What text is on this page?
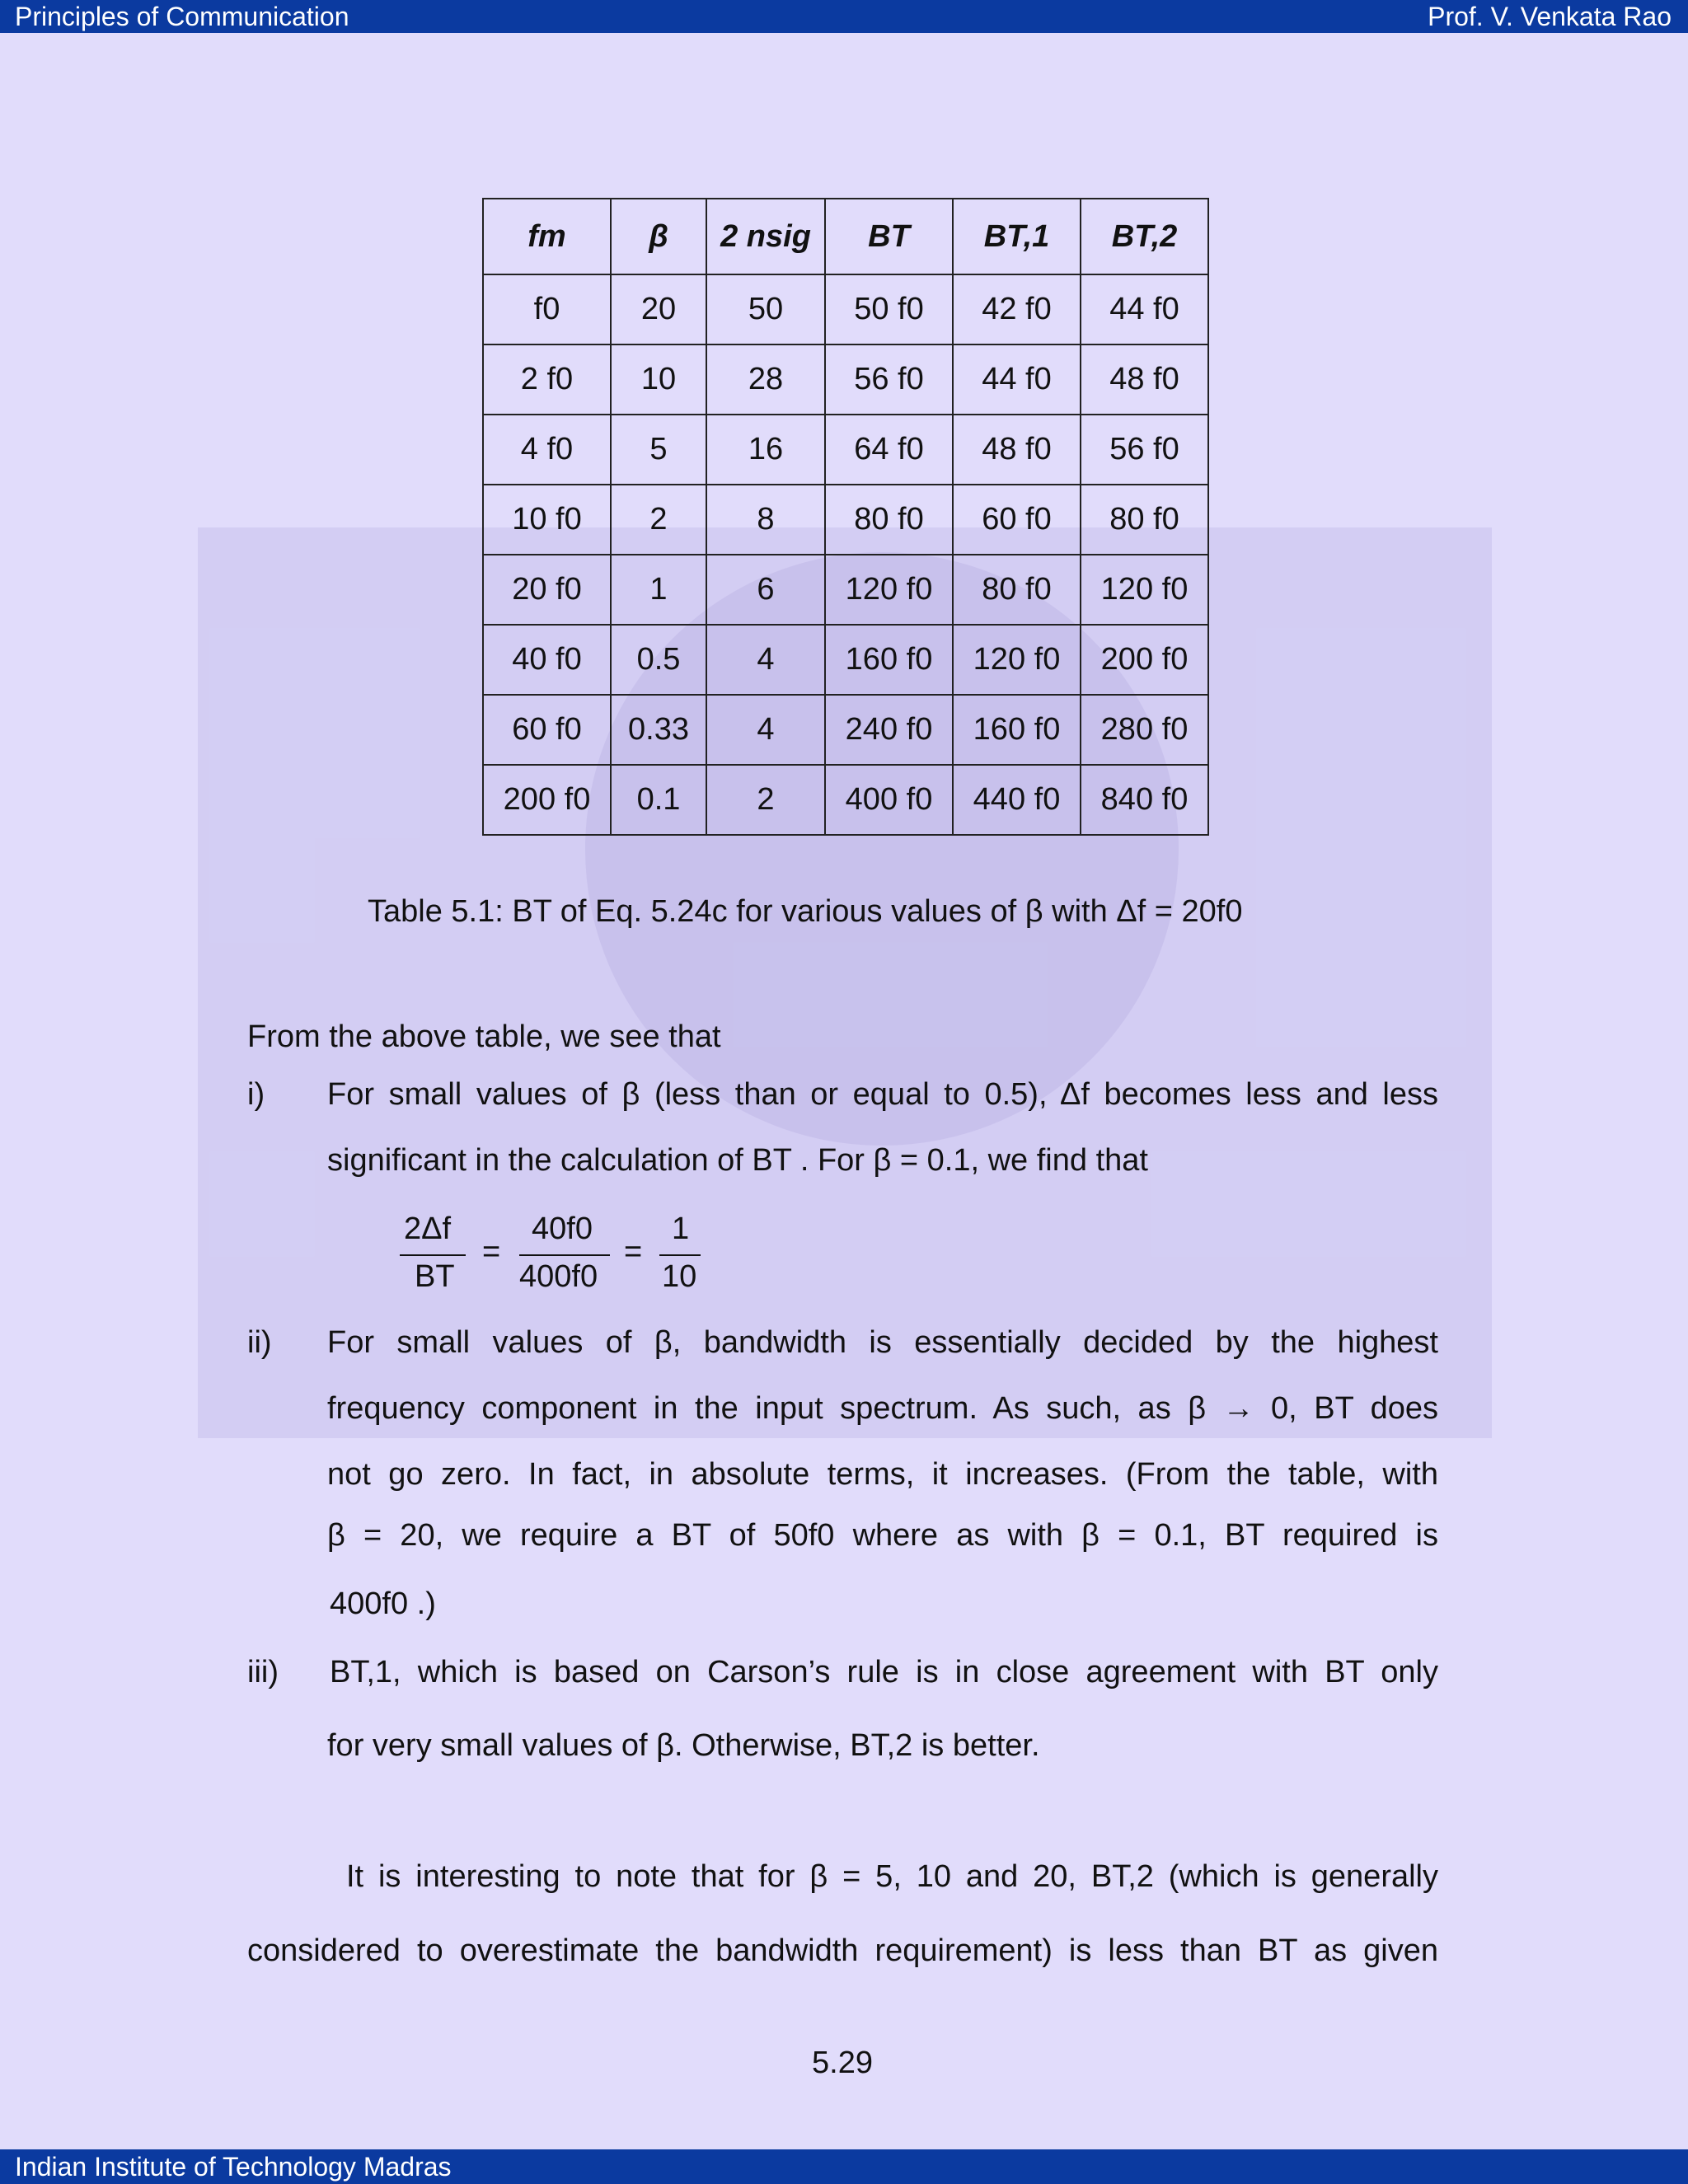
Principles of Communication	Prof. V. Venkata Rao
fm	β	2 nsig	BT	BT,1	BT,2
f0	20	50	50 f0	42 f0	44 f0
2 f0	10	28	56 f0	44 f0	48 f0
4 f0	5	16	64 f0	48 f0	56 f0
10 f0	2	8	80 f0	60 f0	80 f0
20 f0	1	6	120 f0	80 f0	120 f0
40 f0	0.5	4	160 f0	120 f0	200 f0
60 f0	0.33	4	240 f0	160 f0	280 f0
200 f0	0.1	2	400 f0	440 f0	840 f0
Table 5.1: BT of Eq. 5.24c for various values of β with Δf = 20f0
From the above table, we see that
i) For small values of β (less than or equal to 0.5), Δf becomes less and less
significant in the calculation of BT . For β = 0.1, we find that
2Δf
BT
=
40f0
400f0
=
1
10
ii) For small values of β, bandwidth is essentially decided by the highest
frequency component in the input spectrum. As such, as β → 0, BT does
not go zero. In fact, in absolute terms, it increases. (From the table, with
β = 20, we require a BT of 50f0 where as with β = 0.1, BT required is
400f0 .)
iii) BT,1, which is based on Carson’s rule is in close agreement with BT only
for very small values of β. Otherwise, BT,2 is better.
It is interesting to note that for β = 5, 10 and 20, BT,2 (which is generally
considered to overestimate the bandwidth requirement) is less than BT as given
5.29
Indian Institute of Technology Madras
